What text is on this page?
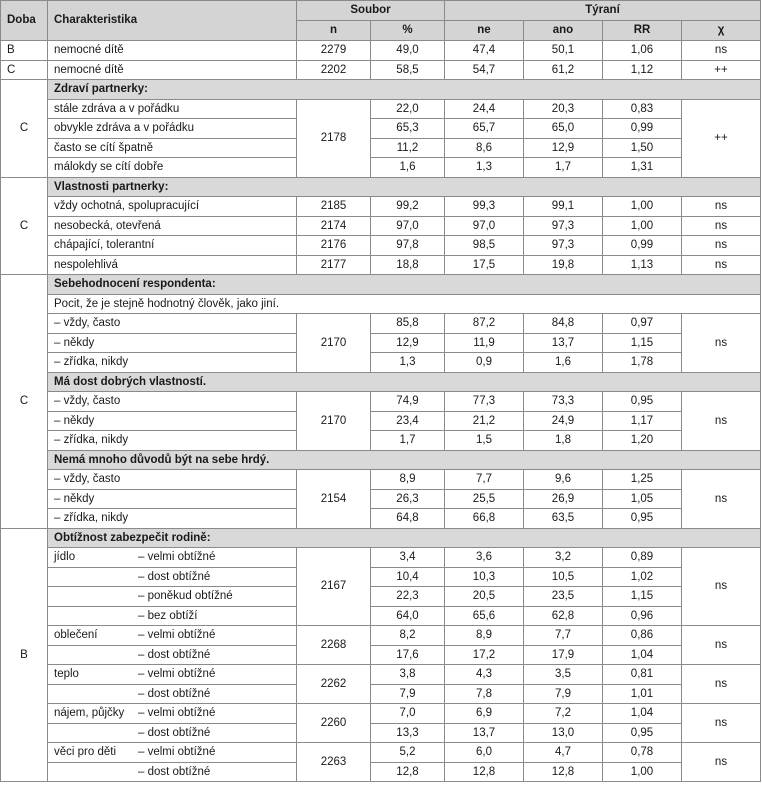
Doba	Charakteristika	Soubor		Týraní			
		n	%	ne	ano	RR	χ
B	nemocné dítě	2279	49,0	47,4	50,1	1,06	ns
C	nemocné dítě	2202	58,5	54,7	61,2	1,12	++
C	Zdraví partnerky:						
	stále zdráva a v pořádku	2178	22,0	24,4	20,3	0,83	++
	obvykle zdráva a v pořádku		65,3	65,7	65,0	0,99	
	často se cítí špatně		11,2	8,6	12,9	1,50	
	málokdy se cítí dobře		1,6	1,3	1,7	1,31	
C	Vlastnosti partnerky:						
	vždy ochotná, spolupracující	2185	99,2	99,3	99,1	1,00	ns
	nesobecká, otevřená	2174	97,0	97,0	97,3	1,00	ns
	chápající, tolerantní	2176	97,8	98,5	97,3	0,99	ns
	nespolehlivá	2177	18,8	17,5	19,8	1,13	ns
C	Sebehodnocení respondenta:						
	Pocit, že je stejně hodnotný člověk, jako jiní.						
	– vždy, často	2170	85,8	87,2	84,8	0,97	ns
	– někdy		12,9	11,9	13,7	1,15	
	– zřídka, nikdy		1,3	0,9	1,6	1,78	
	Má dost dobrých vlastností.						
	– vždy, často	2170	74,9	77,3	73,3	0,95	ns
	– někdy		23,4	21,2	24,9	1,17	
	– zřídka, nikdy		1,7	1,5	1,8	1,20	
	Nemá mnoho důvodů být na sebe hrdý.						
	– vždy, často	2154	8,9	7,7	9,6	1,25	ns
	– někdy		26,3	25,5	26,9	1,05	
	– zřídka, nikdy		64,8	66,8	63,5	0,95	
B	Obtížnost zabezpečit rodině:						
	jídlo – velmi obtížné	2167	3,4	3,6	3,2	0,89	ns
	– dost obtížné		10,4	10,3	10,5	1,02	
	– poněkud obtížné		22,3	20,5	23,5	1,15	
	– bez obtíží		64,0	65,6	62,8	0,96	
	oblečení – velmi obtížné	2268	8,2	8,9	7,7	0,86	ns
	– dost obtížné		17,6	17,2	17,9	1,04	
	teplo – velmi obtížné	2262	3,8	4,3	3,5	0,81	ns
	– dost obtížné		7,9	7,8	7,9	1,01	
	nájem, půjčky – velmi obtížné	2260	7,0	6,9	7,2	1,04	ns
	– dost obtížné		13,3	13,7	13,0	0,95	
	věci pro děti – velmi obtížné	2263	5,2	6,0	4,7	0,78	ns
	– dost obtížné		12,8	12,8	12,8	1,00	
